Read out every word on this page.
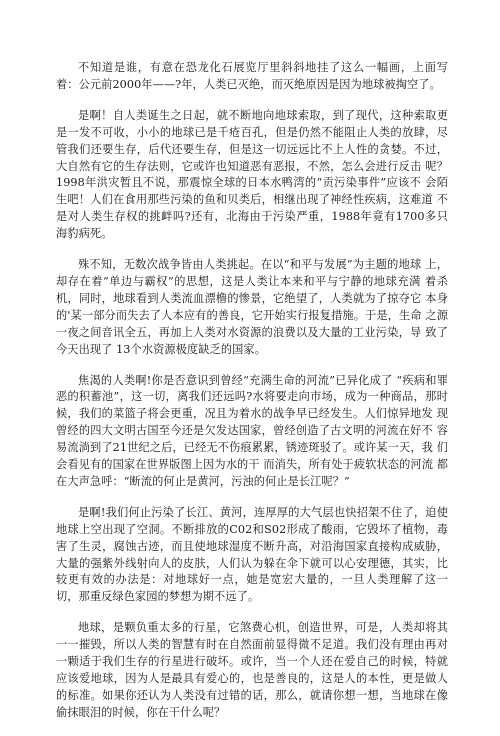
不知道是谁，有意在恐龙化石展览厅里斜斜地挂了这么一幅画，上面写 着：公元前2000年——?年，人类已灭绝，而灭绝原因是因为地球被掏空了。

是啊！自人类诞生之日起，就不断地向地球索取，到了现代，这种索取更是一发不可收，小小的地球已是千疮百孔，但是仍然不能阻止人类的放肆，尽 管我们还要生存，后代还要生存，但是这一切远远比不上人性的贪婪。不过，大自然有它的生存法则，它或许也知道恶有恶报，不然，怎么会进行反击 呢？1998年洪灾暂且不说，那震惊全球的日本水鸭湾的“贡污染事件”应该不 会陌生吧！人们在食用那些污染的鱼和贝类后，相继出现了神经性疾病，这难道 不是对人类生存权的挑衅吗?还有，北海由于污染严重，1988年竟有1700多只 海豹病死。

殊不知，无数次战争皆由人类挑起。在以“和平与发展”为主题的地球 上，却存在着“单边与霸权”的思想，这是人类让本来和平与宁静的地球充满 着杀机，同时，地球看到人类流血漂橹的惨景，它绝望了，人类就为了掠夺它 本身的'某一部分而失去了人本应有的善良，它开始实行报复措施。于是，生命 之源一夜之间音讯全五，再加上人类对水资源的浪费以及大量的工业污染，导 致了今天出现了 13个水资源极度缺乏的国家。

焦渴的人类啊!你是否意识到曾经“充满生命的河流”已异化成了 “疾病和罪恶的积蓄池”，这一切，离我们还远吗?水将要走向市场，成为一种商品，那时候，我们的菜篮子将会更重，况且为着水的战争早已经发生。人们惊异地发 现曾经的四大文明古国至今还是欠发达国家，曾经创造了古文明的河流在好不 容易流淌到了21世纪之后，已经无不伤痕累累，锈迹斑驳了。或许某一天，我 们会看见有的国家在世界版图上因为水的干 而消失，所有处于疲软状态的河流 都在大声急呼：“断流的何止是黄河，污浊的何止是长江呢？”

是啊!我们何止污染了长江、黄河，连厚厚的大气层也快招架不住了，迫使地球上空出现了空洞。不断排放的C02和S02形成了酸雨，它毁坏了植物，毒 害了生灵，腐蚀古迹，而且使地球湿度不断升高，对沿海国家直接构成威胁， 大量的强紫外线射向人的皮肤，人们认为躲在伞下就可以心安理德，其实，比 较更有效的办法是：对地球好一点，她是宽宏大量的，一旦人类理解了这一 切，那重反绿色家园的梦想为期不远了。

地球，是颗负重太多的行星，它煞费心机，创造世界，可是，人类却将其 一一摧毁，所以人类的智慧有时在自然面前显得微不足道。我们没有理由再对 一颗适于我们生存的行星进行破坏。或许，当一个人还在爱自己的时候，特就 应该爱地球，因为人是最具有爱心的，也是善良的，这是人的本性，更是做人 的标准。如果你还认为人类没有过错的话，那么，就请你想一想，当地球在像 偷抹眼泪的时候，你在干什么呢？
